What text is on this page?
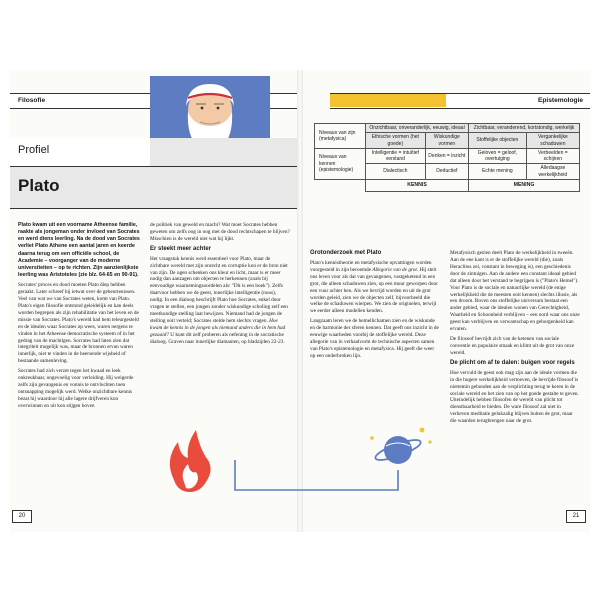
Filosofie
Profiel
Plato

Plato kwam uit een voorname Atheense familie, raakte als jongeman onder invloed van Socrates en werd diens leerling. Na de dood van Socrates verliet Plato Athene een aantal jaren en keerde daarna terug om een officiële school, de Academie – voorganger van de moderne universiteiten – op te richten. Zijn aanzienlijkste leerling was Aristoteles (zie blz. 64-65 en 90-91).

Socrates' proces en dood moeten Plato diep hebben geraakt. Later schreef hij ietwat over de gebeurtenissen. Veel van wat we van Socrates weten, komt van Plato. Plato's eigen filosofie ontstond geleidelijk en kan deels worden begrepen als zijn rehabilitatie van het leven en de missie van Socrates. Plato's wereld had hem teleurgesteld en de idealen waar Socrates op wees, waren nergens te vinden in het Atheense democratische systeem of in het gedrag van de machtigen. Socrates had laten zien dat integriteit mogelijk was, maar de bronnen ervan waren innerlijk, niet te vinden in de heersende wijsheid of bestaande samenleving.

Socrates had zich verzet tegen het kwaad en leek onkreukbaar, ongevoelig voor verleiding. Hij weigerde zelfs zijn gevangenis en vonnis te ontvluchten toen ontsnapping mogelijk werd. Welke onzichtbare kennis bezat hij waardoor hij alle lagere drijfveren kon overwinnen en uit kon stijgen boven

de politiek van geweld en macht? Wat moet Socrates hebben geweten om zelfs oog in oog met de dood rechtschapen te blijven? Misschien is de wereld niet wat hij lijkt.

Er steekt meer achter

Het vraagstuk kennis werd essentieel voor Plato, maar de zichtbare wereld met zijn onrecht en corruptie kon er de bron niet van zijn. De ogen schenken ons kleur en licht, maar is er meer nodig dan aanzagen om objecten te herkennen (zoals bij eenvoudige waarnemingsoordelen als: "Dit is een boek"). Zelfs daarvoor hebben we de geest, innerlijke intelligentie (nous), nodig. In een dialoog beschrijft Plato hoe Socrates, enkel door vragen te stellen, een jongen zonder wiskundige scholing zelf een meetkundige stelling laat bewijzen. Niemand had de jongen de stelling ooit verteld; Socrates stelde hem slechts vragen. Hoe kwam de kennis in de jongen als niemand anders die in hem had gezaaid? U kunt dit zelf proberen als oefening in de socratische dialoog. Graven naar innerlijke diamanten, op bladzijden 22-23.

20
Epistemologie
Niveaus van zijn (metafysica)	Onzichtbaar, onveranderlijk, eeuwig, ideaal		Zichtbaar, veranderend, kortstondig, werkelijk	
	Ethische vormen (het goede)	Wiskundige vormen	Stoffelijke objecten	Vergankelijke schaduwen
Niveaus van kennen (epistemologie)	Intelligentie = intuïtief verstand	Denken = inzicht	Geloven = geloof, overtuiging	Verbeelden = schijnen
	Dialectisch	Deductief	Echte mening	Alledaagse werkelijkheid
	KENNIS		MENING	
Grotonderzoek met Plato

Plato's kennistheorie en metafysische opvattingen worden voorgesteld in zijn beroemde Allegorie van de grot. Hij stelt ons leven voor als dat van gevangenen, vastgeketend in een grot, die alleen schaduwen zien, op een muur geworpen door een vuur achter hen. Als we bevrijd worden en uit de grot worden geleid, zien we de objecten zelf, bijvoorbeeld die welke de schaduwen wierpen. We zien de originelen, terwijl we eerder alleen modellen kenden.

Langzaam leren we de hemellichamen zien en de wiskunde en de harmonie der sferen kennen. Dat geeft ons inzicht in de eeuwige waarheden voorbij de stoffelijke wereld. Deze allegorie van in verhaalvorm de technische aspecten samen van Plato's epistemologie en metafysica. Hij geeft die weer op een onderbroken lijn.

Metafysisch gezien deelt Plato de werkelijkheid in tweeën. Aan de ene kant is er de stoffelijke wereld (die), zoals Heraclitus zei, constant in beweging is), een geschiedenis door de zintuigen. Aan de andere een constant ideaal gebied dat alleen door het verstand te begrijpen is ("Plato's Hemel"). Voor Plato is de sociale en natuurlijke wereld (de enige werkelijkheid die de meesten ooit kennen) slechts illusie, als een droom. Boven ons stoffelijke universum bestaat een ander gebied, waar de idealen wonen van Gerechtigheid, Waarheid en Schoonheid verblijven – een oord waar ons onze geest kan verblijven en verwantschap en geborgenheid kan ervaren.

De filosoof bevrijdt zich van de ketenen van sociale conventie en populaire smaak en klimt uit de grot van onze wereld.

De plicht om af te dalen: buigen voor regels

Hoe vervuld de geest ook mag zijn aan de ideale vormen die in die hogere werkelijkheid vertoeven, de bevrijde filosoof is niettemin gebonden aan de verplichting terug te keren in de sociale wereld en het zien van op het goede gestalte te geven. Uiteindelijk hebben filosofen de wereld van plicht tot dienstbaarheid te bieden. De ware filosoof zal niet in verheven meditatie gelukzalig blijven buiten de grot, maar die waarden terugbrengen naar de grot.

21
